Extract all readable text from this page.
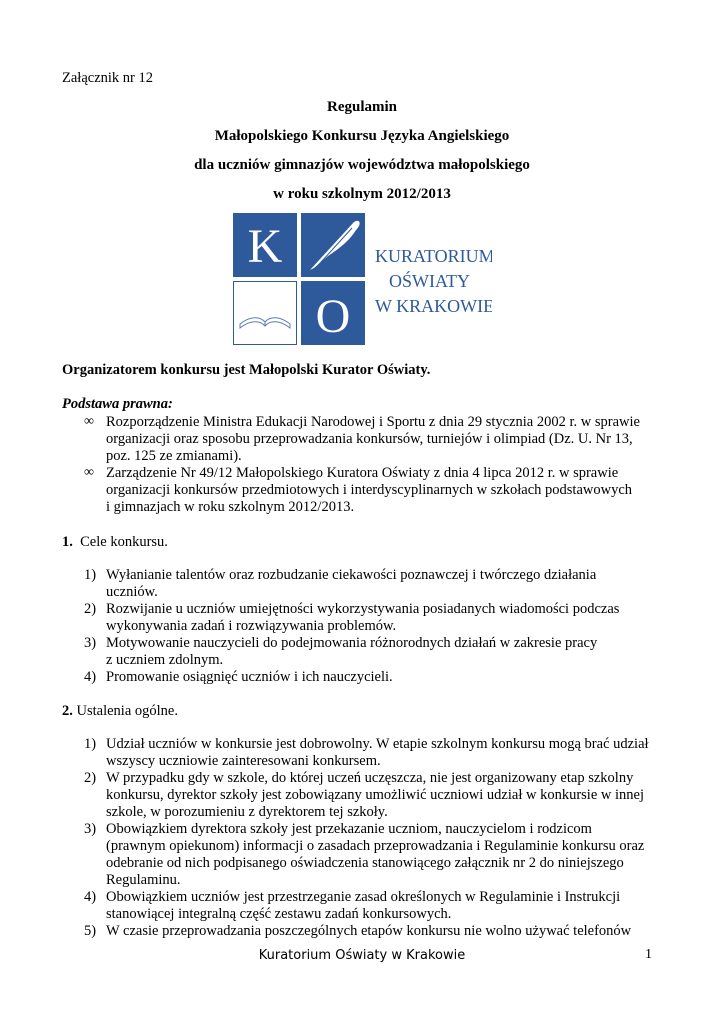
Załącznik nr 12
Regulamin
Małopolskiego Konkursu Języka Angielskiego
dla uczniów gimnazjów województwa małopolskiego
w roku szkolnym 2012/2013
K
O
KURATORIUM
OŚWIATY
W KRAKOWIE
Organizatorem konkursu jest Małopolski Kurator Oświaty.
Podstawa prawna:
∞ Rozporządzenie Ministra Edukacji Narodowej i Sportu z dnia 29 stycznia 2002 r. w sprawie
organizacji oraz sposobu przeprowadzania konkursów, turniejów i olimpiad (Dz. U. Nr 13,
poz. 125 ze zmianami).
∞ Zarządzenie Nr 49/12 Małopolskiego Kuratora Oświaty z dnia 4 lipca 2012 r. w sprawie
organizacji konkursów przedmiotowych i interdyscyplinarnych w szkołach podstawowych
i gimnazjach w roku szkolnym 2012/2013.
1. Cele konkursu.
1) Wyłanianie talentów oraz rozbudzanie ciekawości poznawczej i twórczego działania
uczniów.
2) Rozwijanie u uczniów umiejętności wykorzystywania posiadanych wiadomości podczas
wykonywania zadań i rozwiązywania problemów.
3) Motywowanie nauczycieli do podejmowania różnorodnych działań w zakresie pracy
z uczniem zdolnym.
4) Promowanie osiągnięć uczniów i ich nauczycieli.
2. Ustalenia ogólne.
1) Udział uczniów w konkursie jest dobrowolny. W etapie szkolnym konkursu mogą brać udział
wszyscy uczniowie zainteresowani konkursem.
2) W przypadku gdy w szkole, do której uczeń uczęszcza, nie jest organizowany etap szkolny
konkursu, dyrektor szkoły jest zobowiązany umożliwić uczniowi udział w konkursie w innej
szkole, w porozumieniu z dyrektorem tej szkoły.
3) Obowiązkiem dyrektora szkoły jest przekazanie uczniom, nauczycielom i rodzicom
(prawnym opiekunom) informacji o zasadach przeprowadzania i Regulaminie konkursu oraz
odebranie od nich podpisanego oświadczenia stanowiącego załącznik nr 2 do niniejszego
Regulaminu.
4) Obowiązkiem uczniów jest przestrzeganie zasad określonych w Regulaminie i Instrukcji
stanowiącej integralną część zestawu zadań konkursowych.
5) W czasie przeprowadzania poszczególnych etapów konkursu nie wolno używać telefonów
Kuratorium Oświaty w Krakowie	1
